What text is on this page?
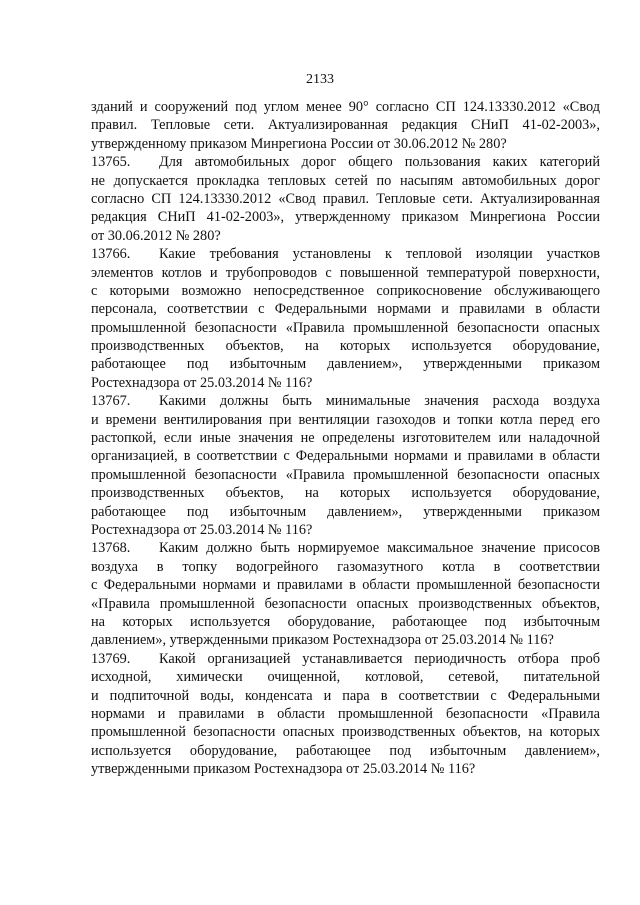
2133
зданий и сооружений под углом менее 90° согласно СП 124.13330.2012 «Свод
правил. Тепловые сети. Актуализированная редакция СНиП 41-02-2003»,
утвержденному приказом Минрегиона России от 30.06.2012 № 280?
13765. Для автомобильных дорог общего пользования каких категорий
не допускается прокладка тепловых сетей по насыпям автомобильных дорог
согласно СП 124.13330.2012 «Свод правил. Тепловые сети. Актуализированная
редакция СНиП 41-02-2003», утвержденному приказом Минрегиона России
от 30.06.2012 № 280?
13766. Какие требования установлены к тепловой изоляции участков
элементов котлов и трубопроводов с повышенной температурой поверхности,
с которыми возможно непосредственное соприкосновение обслуживающего
персонала, соответствии с Федеральными нормами и правилами в области
промышленной безопасности «Правила промышленной безопасности опасных
производственных объектов, на которых используется оборудование,
работающее под избыточным давлением», утвержденными приказом
Ростехнадзора от 25.03.2014 № 116?
13767. Какими должны быть минимальные значения расхода воздуха
и времени вентилирования при вентиляции газоходов и топки котла перед его
растопкой, если иные значения не определены изготовителем или наладочной
организацией, в соответствии с Федеральными нормами и правилами в области
промышленной безопасности «Правила промышленной безопасности опасных
производственных объектов, на которых используется оборудование,
работающее под избыточным давлением», утвержденными приказом
Ростехнадзора от 25.03.2014 № 116?
13768. Каким должно быть нормируемое максимальное значение присосов
воздуха в топку водогрейного газомазутного котла в соответствии
с Федеральными нормами и правилами в области промышленной безопасности
«Правила промышленной безопасности опасных производственных объектов,
на которых используется оборудование, работающее под избыточным
давлением», утвержденными приказом Ростехнадзора от 25.03.2014 № 116?
13769. Какой организацией устанавливается периодичность отбора проб
исходной, химически очищенной, котловой, сетевой, питательной
и подпиточной воды, конденсата и пара в соответствии с Федеральными
нормами и правилами в области промышленной безопасности «Правила
промышленной безопасности опасных производственных объектов, на которых
используется оборудование, работающее под избыточным давлением»,
утвержденными приказом Ростехнадзора от 25.03.2014 № 116?
